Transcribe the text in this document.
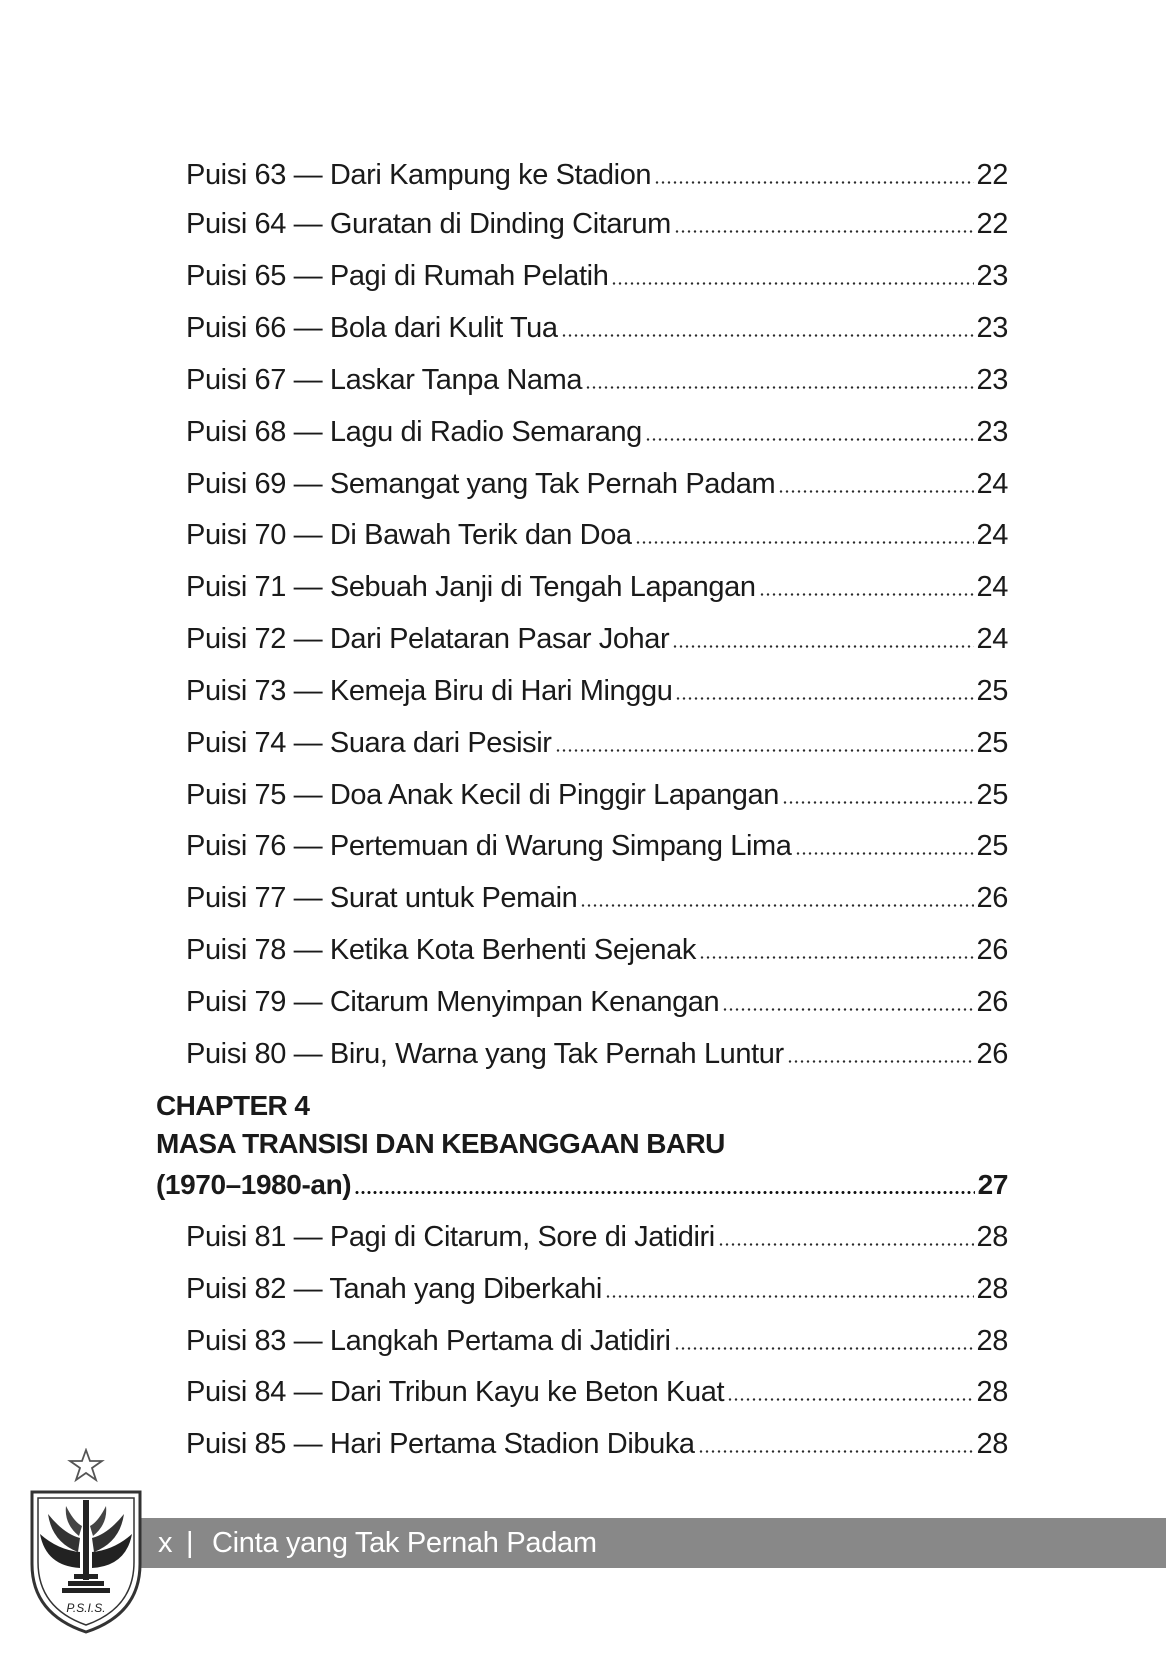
Puisi 63 — Dari Kampung ke Stadion	22
Puisi 64 — Guratan di Dinding Citarum	22
Puisi 65 — Pagi di Rumah Pelatih	23
Puisi 66 — Bola dari Kulit Tua	23
Puisi 67 — Laskar Tanpa Nama	23
Puisi 68 — Lagu di Radio Semarang	23
Puisi 69 — Semangat yang Tak Pernah Padam	24
Puisi 70 — Di Bawah Terik dan Doa	24
Puisi 71 — Sebuah Janji di Tengah Lapangan	24
Puisi 72 — Dari Pelataran Pasar Johar	24
Puisi 73 — Kemeja Biru di Hari Minggu	25
Puisi 74 — Suara dari Pesisir	25
Puisi 75 — Doa Anak Kecil di Pinggir Lapangan	25
Puisi 76 — Pertemuan di Warung Simpang Lima	25
Puisi 77 — Surat untuk Pemain	26
Puisi 78 — Ketika Kota Berhenti Sejenak	26
Puisi 79 — Citarum Menyimpan Kenangan	26
Puisi 80 — Biru, Warna yang Tak Pernah Luntur	26
CHAPTER 4
MASA TRANSISI DAN KEBANGGAAN BARU
(1970–1980-an)	27
Puisi 81 — Pagi di Citarum, Sore di Jatidiri	28
Puisi 82 — Tanah yang Diberkahi	28
Puisi 83 — Langkah Pertama di Jatidiri	28
Puisi 84 — Dari Tribun Kayu ke Beton Kuat	28
Puisi 85 — Hari Pertama Stadion Dibuka	28
x | Cinta yang Tak Pernah Padam
P.S.I.S.
